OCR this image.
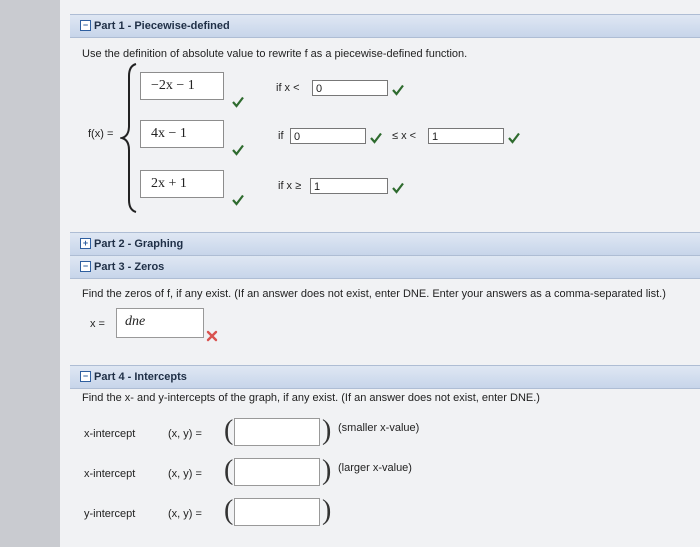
− Part 1 - Piecewise-defined
Use the definition of absolute value to rewrite f as a piecewise-defined function.
f(x) =
−2x − 1	if x <	0
4x − 1	if 0	≤ x <	1
2x + 1	if x ≥	1
+ Part 2 - Graphing
− Part 3 - Zeros
Find the zeros of f, if any exist. (If an answer does not exist, enter DNE. Enter your answers as a comma-separated list.)
x = dne
− Part 4 - Intercepts
Find the x- and y-intercepts of the graph, if any exist. (If an answer does not exist, enter DNE.)
x-intercept	(x, y) = (	) (smaller x-value)
x-intercept	(x, y) = (	) (larger x-value)
y-intercept	(x, y) = (	)
